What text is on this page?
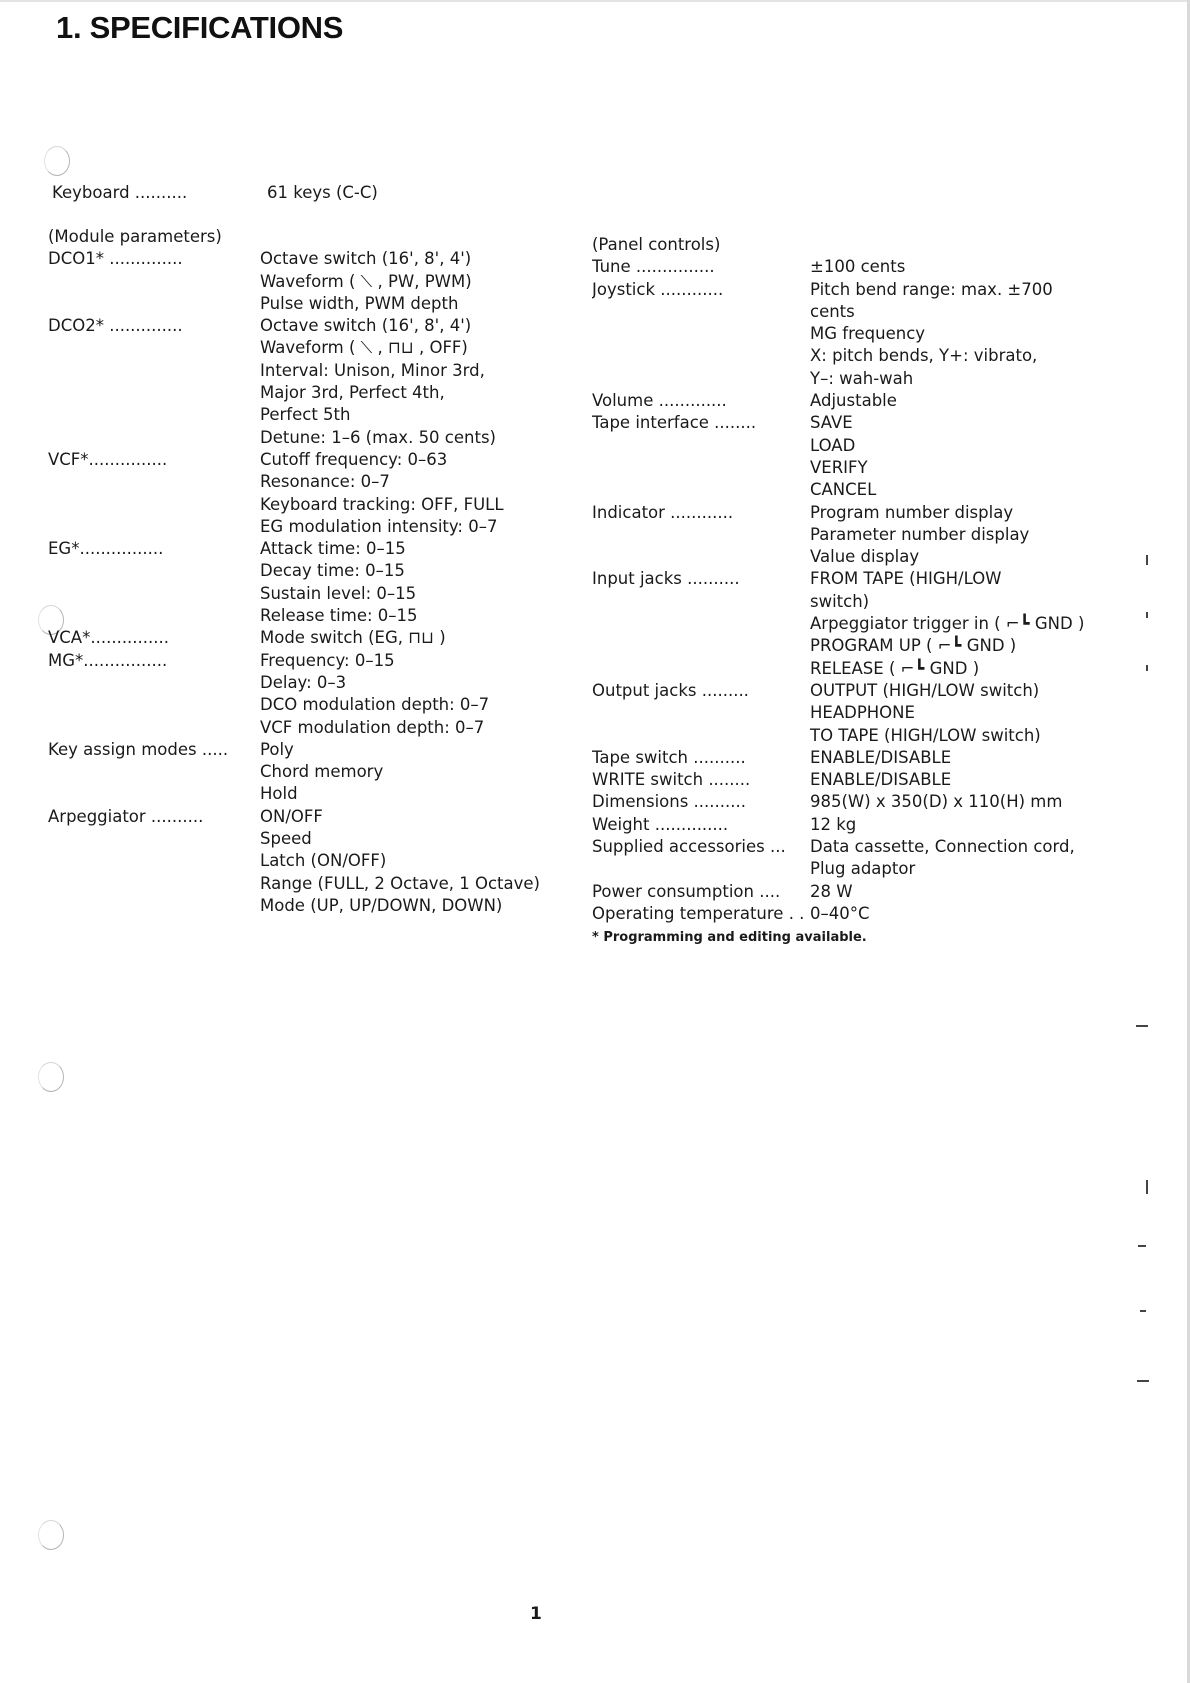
1. SPECIFICATIONS
Keyboard ..........	61 keys (C-C)
(Module parameters)
DCO1* ..............	Octave switch (16', 8', 4')
Waveform ( ⟍ , PW, PWM)
Pulse width, PWM depth
DCO2* ..............	Octave switch (16', 8', 4')
Waveform ( ⟍ , ⊓⊔ , OFF)
Interval: Unison, Minor 3rd,
Major 3rd, Perfect 4th,
Perfect 5th
Detune: 1–6 (max. 50 cents)
VCF*...............	Cutoff frequency: 0–63
Resonance: 0–7
Keyboard tracking: OFF, FULL
EG modulation intensity: 0–7
EG*................	Attack time: 0–15
Decay time: 0–15
Sustain level: 0–15
Release time: 0–15
VCA*...............	Mode switch (EG, ⊓⊔ )
MG*................	Frequency: 0–15
Delay: 0–3
DCO modulation depth: 0–7
VCF modulation depth: 0–7
Key assign modes .....	Poly
Chord memory
Hold
Arpeggiator ..........	ON/OFF
Speed
Latch (ON/OFF)
Range (FULL, 2 Octave, 1 Octave)
Mode (UP, UP/DOWN, DOWN)
(Panel controls)
Tune ...............	±100 cents
Joystick ............	Pitch bend range: max. ±700
cents
MG frequency
X: pitch bends, Y+: vibrato,
Y–: wah-wah
Volume .............	Adjustable
Tape interface ........	SAVE
LOAD
VERIFY
CANCEL
Indicator ............	Program number display
Parameter number display
Value display
Input jacks ..........	FROM TAPE (HIGH/LOW
switch)
Arpeggiator trigger in ( ⌐┗ GND )
PROGRAM UP ( ⌐┗ GND )
RELEASE ( ⌐┗ GND )
Output jacks .........	OUTPUT (HIGH/LOW switch)
HEADPHONE
TO TAPE (HIGH/LOW switch)
Tape switch ..........	ENABLE/DISABLE
WRITE switch ........	ENABLE/DISABLE
Dimensions ..........	985(W) x 350(D) x 110(H) mm
Weight ..............	12 kg
Supplied accessories ...	Data cassette, Connection cord,
Plug adaptor
Power consumption ....	28 W
Operating temperature . . 0–40°C
* Programming and editing available.
1
